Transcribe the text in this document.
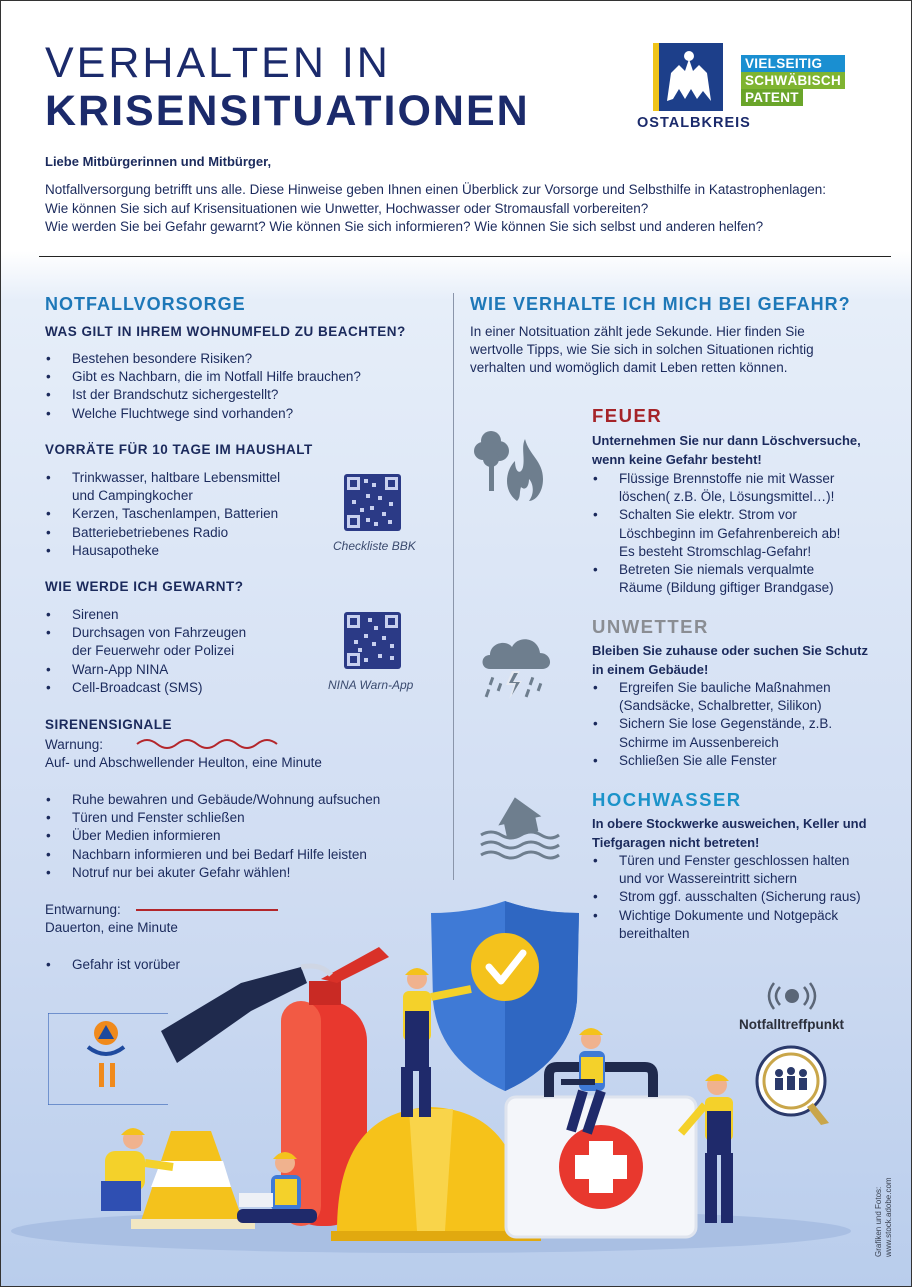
VERHALTEN IN
KRISENSITUATIONEN	OSTALBKREIS
VIELSEITIG
SCHWÄBISCH
PATENT
Liebe Mitbürgerinnen und Mitbürger,
Notfallversorgung betrifft uns alle. Diese Hinweise geben Ihnen einen Überblick zur Vorsorge und Selbsthilfe in Katastrophenlagen:
Wie können Sie sich auf Krisensituationen wie Unwetter, Hochwasser oder Stromausfall vorbereiten?
Wie werden Sie bei Gefahr gewarnt? Wie können Sie sich informieren? Wie können Sie sich selbst und anderen helfen?
NOTFALLVORSORGE
WAS GILT IN IHREM WOHNUMFELD ZU BEACHTEN?
• Bestehen besondere Risiken?
• Gibt es Nachbarn, die im Notfall Hilfe brauchen?
• Ist der Brandschutz sichergestellt?
• Welche Fluchtwege sind vorhanden?
VORRÄTE FÜR 10 TAGE IM HAUSHALT
• Trinkwasser, haltbare Lebensmittel
und Campingkocher
• Kerzen, Taschenlampen, Batterien
• Batteriebetriebenes Radio
• Hausapotheke	Checkliste BBK
WIE WERDE ICH GEWARNT?
• Sirenen
• Durchsagen von Fahrzeugen
der Feuerwehr oder Polizei
• Warn-App NINA
• Cell-Broadcast (SMS)	NINA Warn-App
SIRENENSIGNALE
Warnung:
Auf- und Abschwellender Heulton, eine Minute
• Ruhe bewahren und Gebäude/Wohnung aufsuchen
• Türen und Fenster schließen
• Über Medien informieren
• Nachbarn informieren und bei Bedarf Hilfe leisten
• Notruf nur bei akuter Gefahr wählen!
Entwarnung:
Dauerton, eine Minute
• Gefahr ist vorüber
WIE VERHALTE ICH MICH BEI GEFAHR?
In einer Notsituation zählt jede Sekunde. Hier finden Sie
wertvolle Tipps, wie Sie sich in solchen Situationen richtig
verhalten und womöglich damit Leben retten können.
FEUER
Unternehmen Sie nur dann Löschversuche,
wenn keine Gefahr besteht!
• Flüssige Brennstoffe nie mit Wasser
löschen( z.B. Öle, Lösungsmittel…)!
• Schalten Sie elektr. Strom vor
Löschbeginn im Gefahrenbereich ab!
Es besteht Stromschlag-Gefahr!
• Betreten Sie niemals verqualmte
Räume (Bildung giftiger Brandgase)
UNWETTER
Bleiben Sie zuhause oder suchen Sie Schutz
in einem Gebäude!
• Ergreifen Sie bauliche Maßnahmen
(Sandsäcke, Schalbretter, Silikon)
• Sichern Sie lose Gegenstände, z.B.
Schirme im Aussenbereich
• Schließen Sie alle Fenster
HOCHWASSER
In obere Stockwerke ausweichen, Keller und
Tiefgaragen nicht betreten!
• Türen und Fenster geschlossen halten
und vor Wassereintritt sichern
• Strom ggf. ausschalten (Sicherung raus)
• Wichtige Dokumente und Notgepäck
bereithalten
Notfalltreffpunkt
Grafiken und Fotos: www.stock.adobe.com
